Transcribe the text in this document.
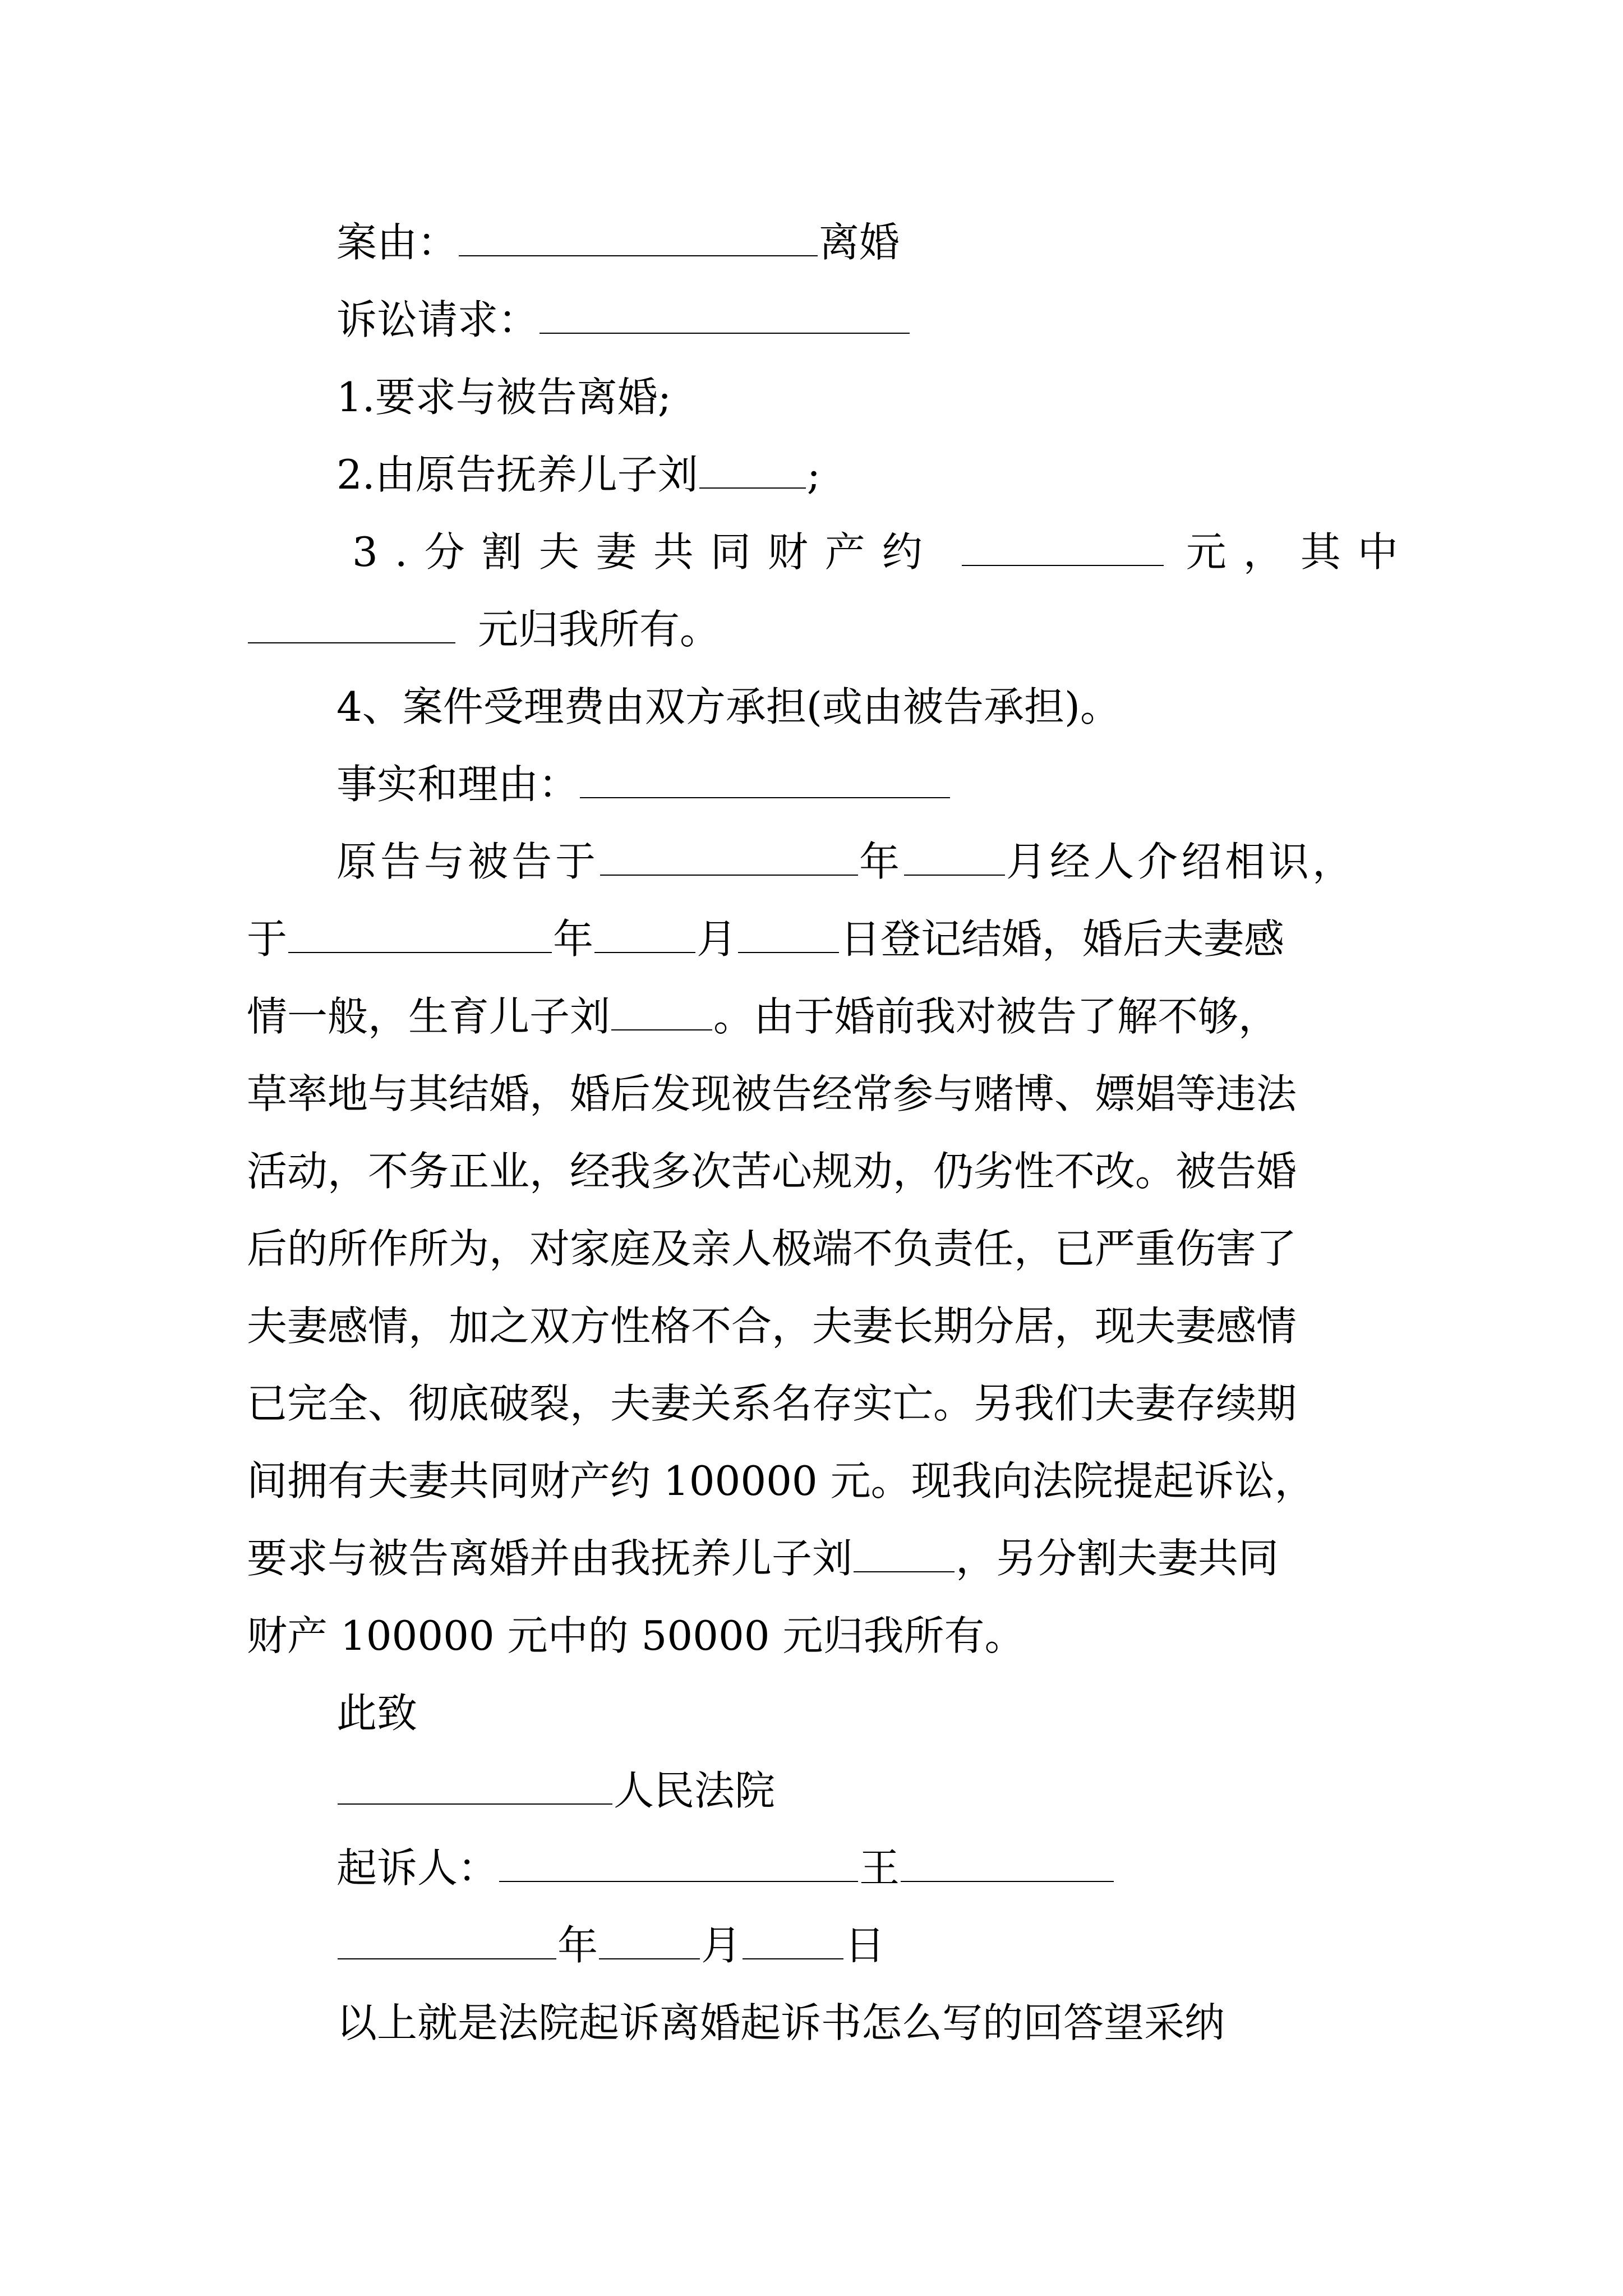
案由：	离婚
诉讼请求：
1.要求与被告离婚;
2.由原告抚养儿子刘	;
3.分割夫妻共同财产约	元，其中
元归我所有。
4、案件受理费由双方承担(或由被告承担)。
事实和理由：
原告与被告于	年	月经人介绍相识，
于	年	月	日登记结婚，婚后夫妻感
情一般，生育儿子刘	。由于婚前我对被告了解不够，
草率地与其结婚，婚后发现被告经常参与赌博、嫖娼等违法
活动，不务正业，经我多次苦心规劝，仍劣性不改。被告婚
后的所作所为，对家庭及亲人极端不负责任，已严重伤害了
夫妻感情，加之双方性格不合，夫妻长期分居，现夫妻感情
已完全、彻底破裂，夫妻关系名存实亡。另我们夫妻存续期
间拥有夫妻共同财产约 100000 元。现我向法院提起诉讼，
要求与被告离婚并由我抚养儿子刘	，另分割夫妻共同
财产 100000 元中的 50000 元归我所有。
此致
人民法院
起诉人：	王
年	月	日
以上就是法院起诉离婚起诉书怎么写的回答望采纳
